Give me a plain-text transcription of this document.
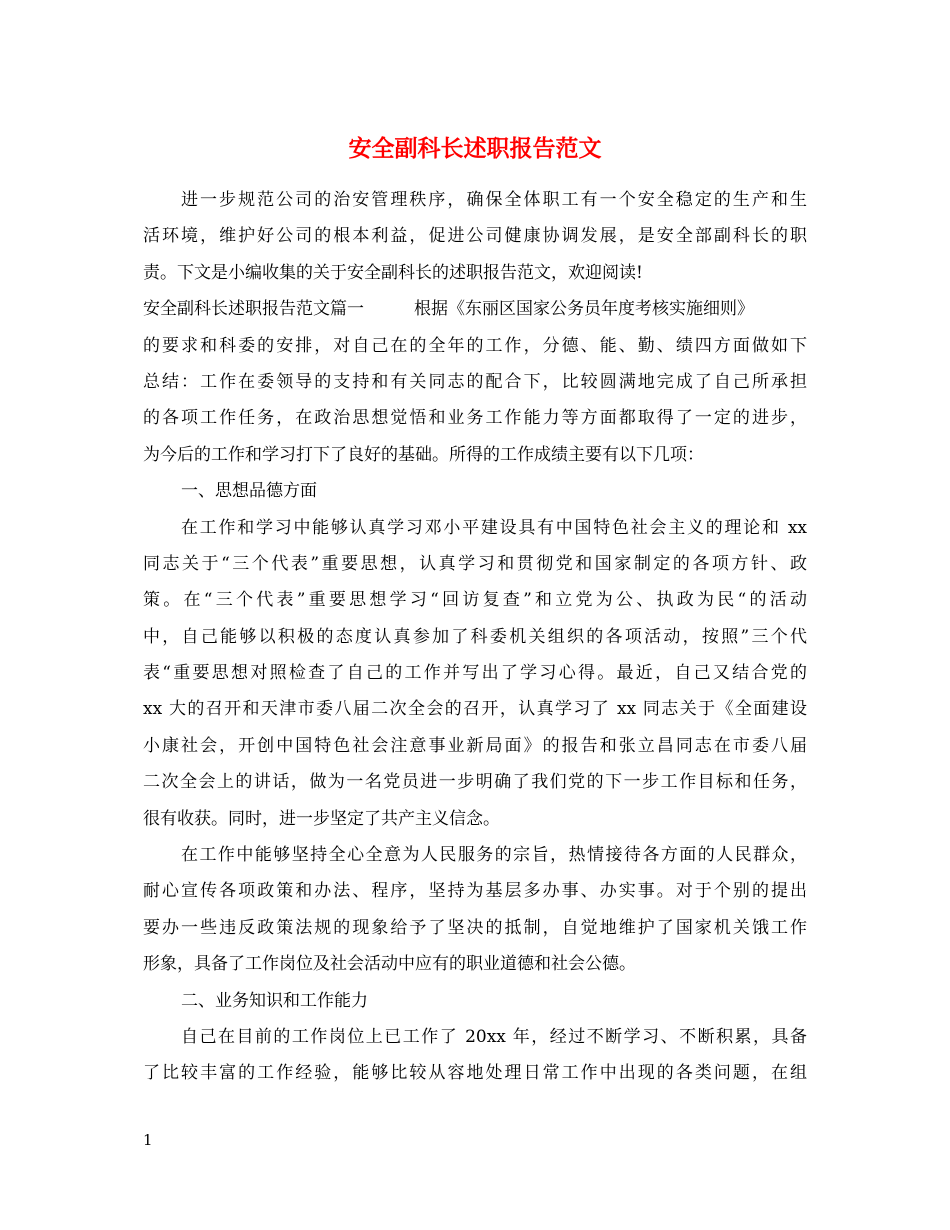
安全副科长述职报告范文
进一步规范公司的治安管理秩序，确保全体职工有一个安全稳定的生产和生
活环境，维护好公司的根本利益，促进公司健康协调发展，是安全部副科长的职
责。下文是小编收集的关于安全副科长的述职报告范文，欢迎阅读!
安全副科长述职报告范文篇一	根据《东丽区国家公务员年度考核实施细则》
的要求和科委的安排，对自己在的全年的工作，分德、能、勤、绩四方面做如下
总结：工作在委领导的支持和有关同志的配合下，比较圆满地完成了自己所承担
的各项工作任务，在政治思想觉悟和业务工作能力等方面都取得了一定的进步，
为今后的工作和学习打下了良好的基础。所得的工作成绩主要有以下几项：
一、思想品德方面
在工作和学习中能够认真学习邓小平建设具有中国特色社会主义的理论和 xx
同志关于“三个代表”重要思想，认真学习和贯彻党和国家制定的各项方针、政
策。在“三个代表”重要思想学习“回访复查”和立党为公、执政为民“的活动
中，自己能够以积极的态度认真参加了科委机关组织的各项活动，按照”三个代
表“重要思想对照检查了自己的工作并写出了学习心得。最近，自己又结合党的
xx 大的召开和天津市委八届二次全会的召开，认真学习了 xx 同志关于《全面建设
小康社会，开创中国特色社会注意事业新局面》的报告和张立昌同志在市委八届
二次全会上的讲话，做为一名党员进一步明确了我们党的下一步工作目标和任务，
很有收获。同时，进一步坚定了共产主义信念。
在工作中能够坚持全心全意为人民服务的宗旨，热情接待各方面的人民群众，
耐心宣传各项政策和办法、程序，坚持为基层多办事、办实事。对于个别的提出
要办一些违反政策法规的现象给予了坚决的抵制，自觉地维护了国家机关饿工作
形象，具备了工作岗位及社会活动中应有的职业道德和社会公德。
二、业务知识和工作能力
自己在目前的工作岗位上已工作了 20xx 年，经过不断学习、不断积累，具备
了比较丰富的工作经验，能够比较从容地处理日常工作中出现的各类问题，在组
1
